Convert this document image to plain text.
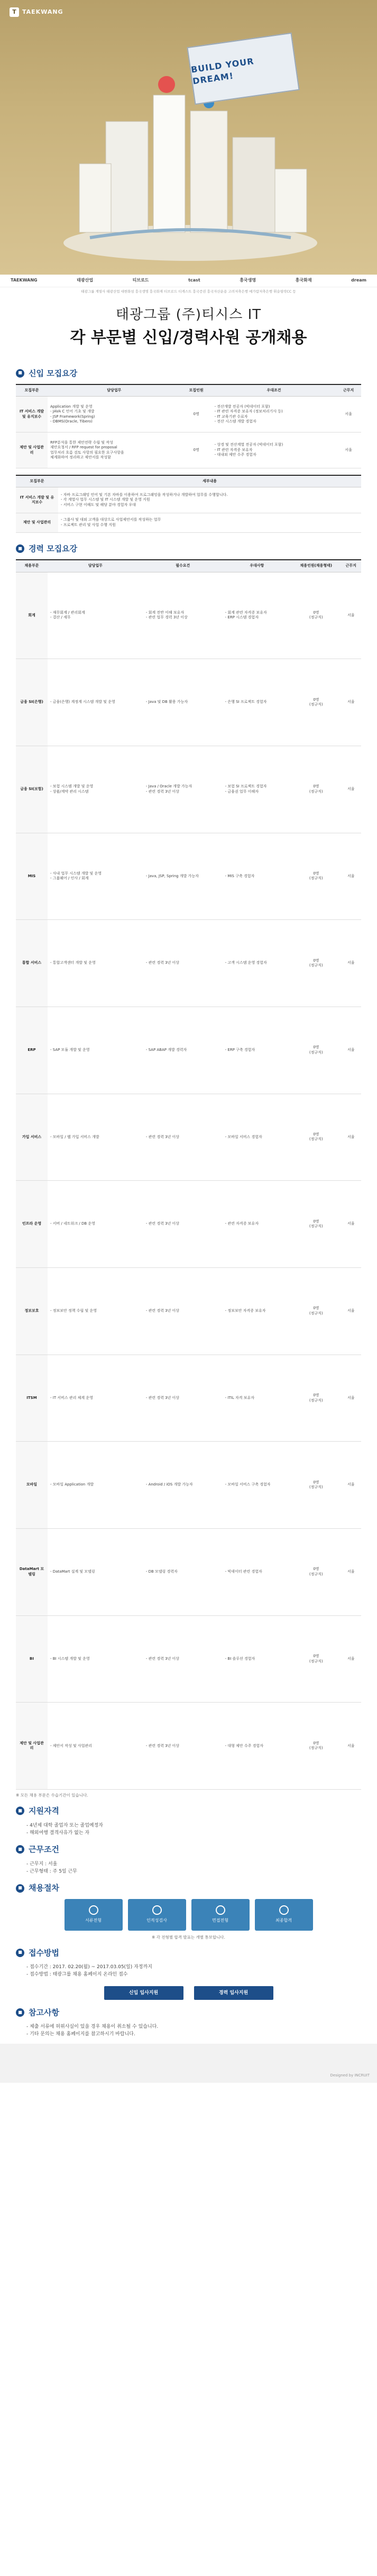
T	TAEKWANG
BUILD YOUR DREAM!
TAEKWANG	태광산업	티브로드	tcast	흥국생명	흥국화재	dream
태광그룹 계열사 태광산업 대한화섬 흥국생명 흥국화재 티브로드 티캐스트 흥국증권 흥국자산운용 고려저축은행 예가람저축은행 휘슬링락CC 등
태광그룹 (주)티시스 IT
각 부문별 신입/경력사원 공개채용
■ 신입 모집요강
모집부문	담당업무	모집인원	우대조건	근무지
IT 서비스 개발 및 유지보수	Application 개발 및 운영
- JAVA C 언어 기초 및 개발
- JSP Framework(Spring)
- DBMS(Oracle, Tibero)	0명	- 전산개발 전공자 (빅데이터 포함)
- IT 관련 자격증 보유자 (정보처리기사 등)
- IT 교육기관 수료자
- 전산 시스템 개발 경험자	서울
제안 및 사업관리	RFP분석을 통한 제안전략 수립 및 작성
제안요청서 / RFP request for proposal
업무처리 흐름 검토 사항의 필요한 요구사항을
체계화하여 정리하고 제안서를 작성함	0명	- 상경 및 전산계열 전공자 (빅데이터 포함)
- IT 관련 자격증 보유자
- 대내외 제안 수주 경험자	서울
모집부문	세부내용
IT 서비스 개발 및 유지보수	- 자바 프로그래밍 언어 및 기본 자바를 이용하여 프로그래밍을 작성하거나 개발하여 업무를 수행합니다.
- 각 계열사 업무 시스템 및 IT 시스템 개발 및 운영 지원
- 서비스 구현 이해도 및 해당 분야 경험자 우대
제안 및 사업관리	- 그룹사 및 대외 고객을 대상으로 사업제안서를 작성하는 업무
- 프로젝트 관리 및 사업 수행 지원
■ 경력 모집요강
채용부문	담당업무	필수요건	우대사항	채용인원(채용형태)	근무지
회계	- 재무회계 / 관리회계
- 결산 / 세무	- 회계 전반 이해 보유자
- 관련 업무 경력 3년 이상	- 회계 관련 자격증 보유자
- ERP 시스템 경험자	0명
(정규직)	서울
금융 SI(은행)	- 금융(은행) 계정계 시스템 개발 및 운영	- Java 및 DB 활용 가능자	- 은행 SI 프로젝트 경험자	0명
(정규직)	서울
금융 SI(보험)	- 보험 시스템 개발 및 운영
- 상품/계약 관리 시스템	- Java / Oracle 개발 가능자
- 관련 경력 3년 이상	- 보험 SI 프로젝트 경험자
- 금융권 업무 이해자	0명
(정규직)	서울
MIS	- 사내 업무 시스템 개발 및 운영
- 그룹웨어 / 인사 / 회계	- Java, JSP, Spring 개발 가능자	- MIS 구축 경험자	0명
(정규직)	서울
통합 서비스	- 통합고객센터 개발 및 운영	- 관련 경력 3년 이상	- 고객 시스템 운영 경험자	0명
(정규직)	서울
ERP	- SAP 모듈 개발 및 운영	- SAP ABAP 개발 경력자	- ERP 구축 경험자	0명
(정규직)	서울
가입 서비스	- 모바일 / 웹 가입 서비스 개발	- 관련 경력 3년 이상	- 모바일 서비스 경험자	0명
(정규직)	서울
인프라 운영	- 서버 / 네트워크 / DB 운영	- 관련 경력 3년 이상	- 관련 자격증 보유자	0명
(정규직)	서울
정보보호	- 정보보안 정책 수립 및 운영	- 관련 경력 3년 이상	- 정보보안 자격증 보유자	0명
(정규직)	서울
ITSM	- IT 서비스 관리 체계 운영	- 관련 경력 3년 이상	- ITIL 자격 보유자	0명
(정규직)	서울
모바일	- 모바일 Application 개발	- Android / iOS 개발 가능자	- 모바일 서비스 구축 경험자	0명
(정규직)	서울
DataMart 모델링	- DataMart 설계 및 모델링	- DB 모델링 경력자	- 빅데이터 관련 경험자	0명
(정규직)	서울
BI	- BI 시스템 개발 및 운영	- 관련 경력 3년 이상	- BI 솔루션 경험자	0명
(정규직)	서울
제안 및 사업관리	- 제안서 작성 및 사업관리	- 관련 경력 3년 이상	- 대형 제안 수주 경험자	0명
(정규직)	서울
※ 모든 채용 부문은 수습기간이 있습니다.
■ 지원자격

- 4년제 대학 졸업자 또는 졸업예정자

- 해외여행 결격사유가 없는 자

■ 근무조건

- 근무지 : 서울

- 근무형태 : 주 5일 근무

■ 채용절차
서류전형	인적성검사	면접전형	최종합격
※ 각 전형별 합격 발표는 개별 통보합니다.
■ 접수방법

- 접수기간 : 2017. 02.20(월) ~ 2017.03.05(일) 자정까지

- 접수방법 : 태광그룹 채용 홈페이지 온라인 접수

신입 입사지원	경력 입사지원
■ 참고사항

- 제출 서류에 허위사실이 있을 경우 채용이 취소될 수 있습니다.

- 기타 문의는 채용 홈페이지를 참고하시기 바랍니다.

Designed by INCRUIT
